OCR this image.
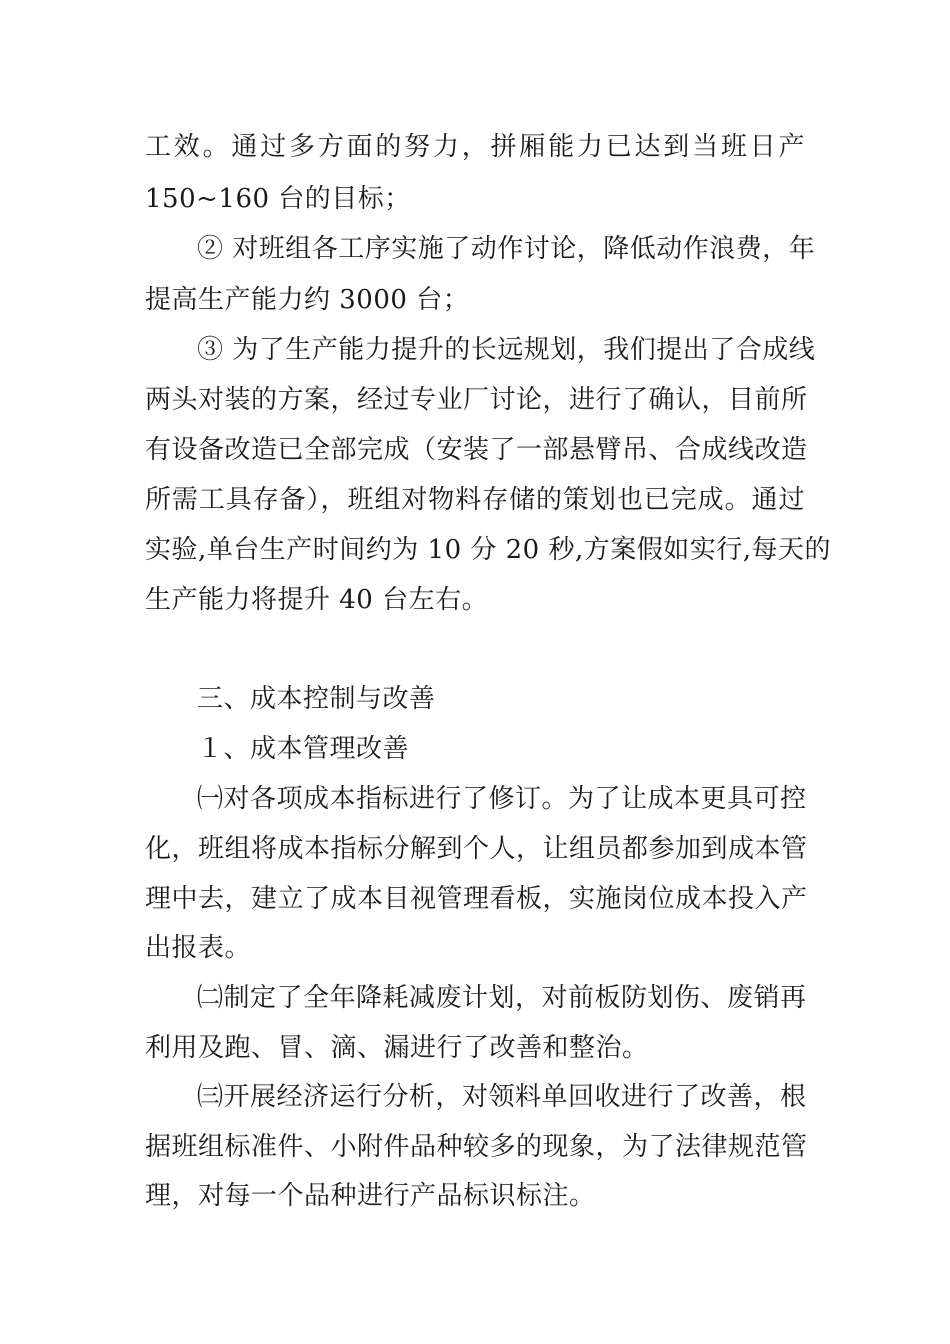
工效。通过多方面的努力，拼厢能力已达到当班日产
150~160 台的目标；
② 对班组各工序实施了动作讨论，降低动作浪费，年
提高生产能力约 3000 台；
③ 为了生产能力提升的长远规划，我们提出了合成线
两头对装的方案，经过专业厂讨论，进行了确认，目前所
有设备改造已全部完成（安装了一部悬臂吊、合成线改造
所需工具存备），班组对物料存储的策划也已完成。通过
实验,单台生产时间约为 10 分 20 秒,方案假如实行,每天的
生产能力将提升 40 台左右。
三、成本控制与改善
１、成本管理改善
㈠对各项成本指标进行了修订。为了让成本更具可控
化，班组将成本指标分解到个人，让组员都参加到成本管
理中去，建立了成本目视管理看板，实施岗位成本投入产
出报表。
㈡制定了全年降耗减废计划，对前板防划伤、废销再
利用及跑、冒、滴、漏进行了改善和整治。
㈢开展经济运行分析，对领料单回收进行了改善，根
据班组标准件、小附件品种较多的现象，为了法律规范管
理，对每一个品种进行产品标识标注。
